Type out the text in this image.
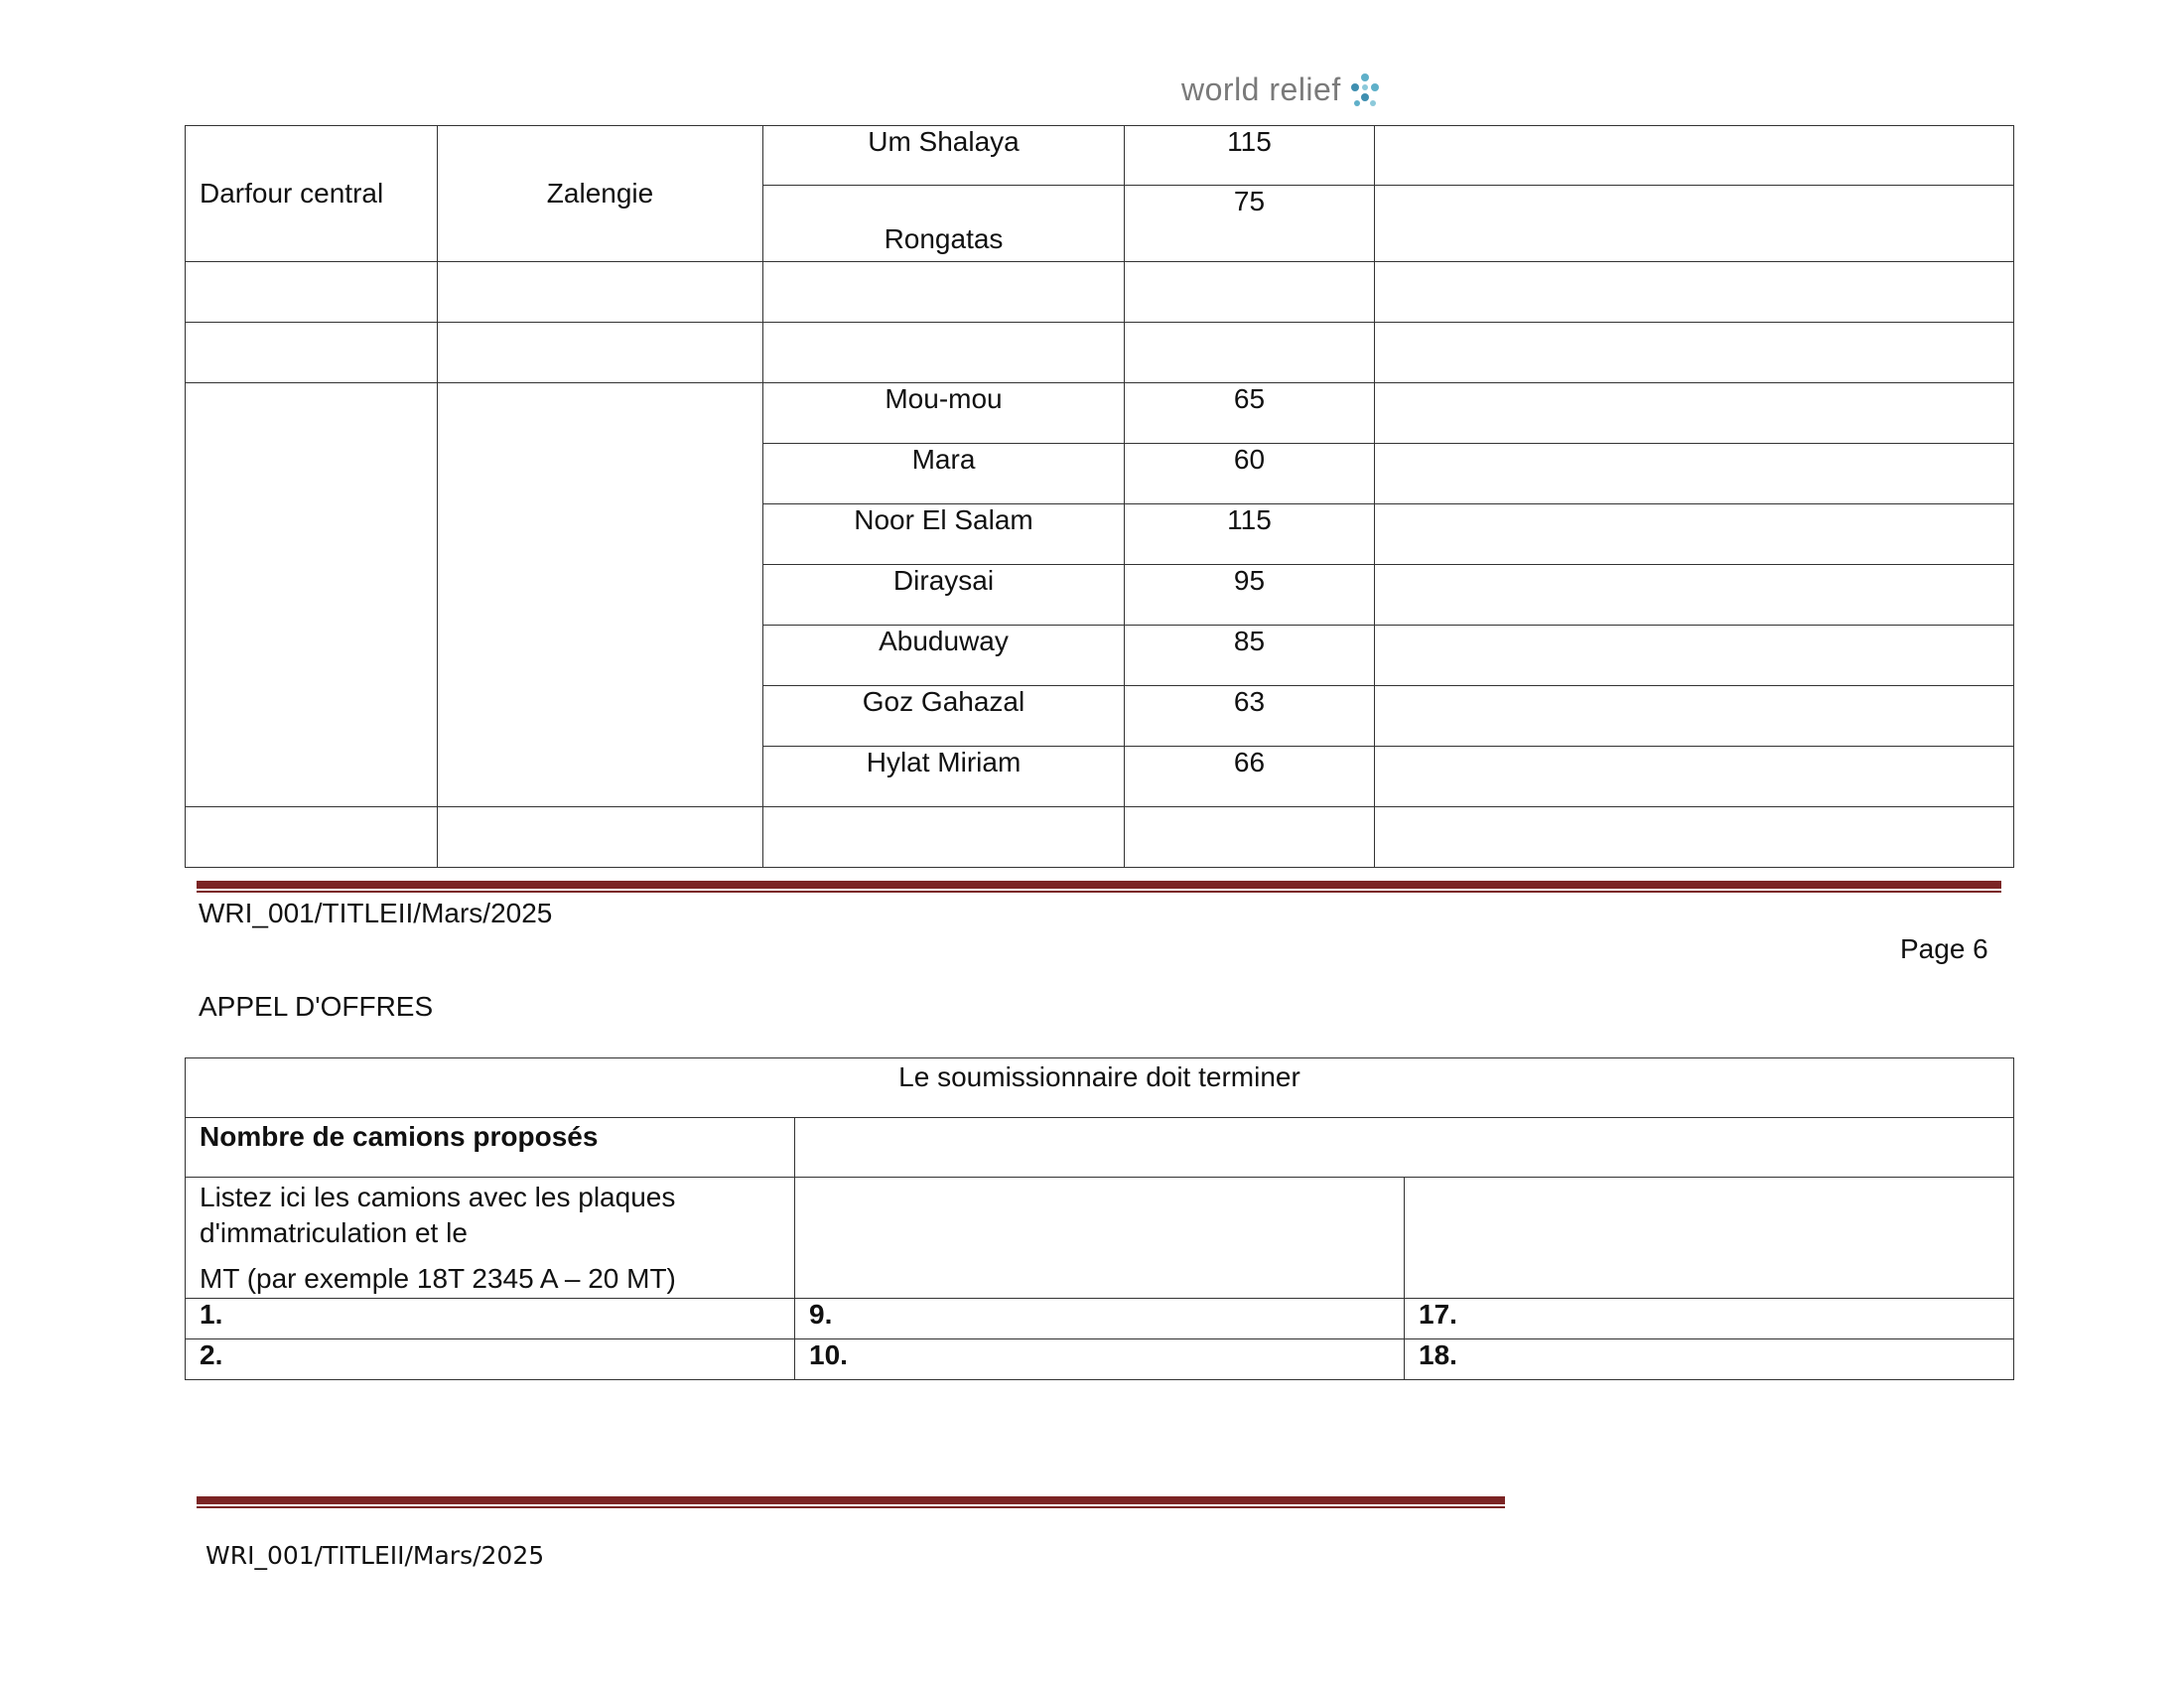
world relief
Darfour central	Zalengie	Um Shalaya	115	
		Rongatas	75	

		Mou-mou	65	
		Mara	60	
		Noor El Salam	115	
		Diraysai	95	
		Abuduway	85	
		Goz Gahazal	63	
		Hylat Miriam	66	

WRI_001/TITLEII/Mars/2025
Page 6
APPEL D'OFFRES
Le soumissionnaire doit terminer		
Nombre de camions proposés		

Listez ici les camions avec les plaques
d'immatriculation et le
MT (par exemple 18T 2345 A – 20 MT)		

1.	9.	17.
2.	10.	18.
WRI_001/TITLEII/Mars/2025
